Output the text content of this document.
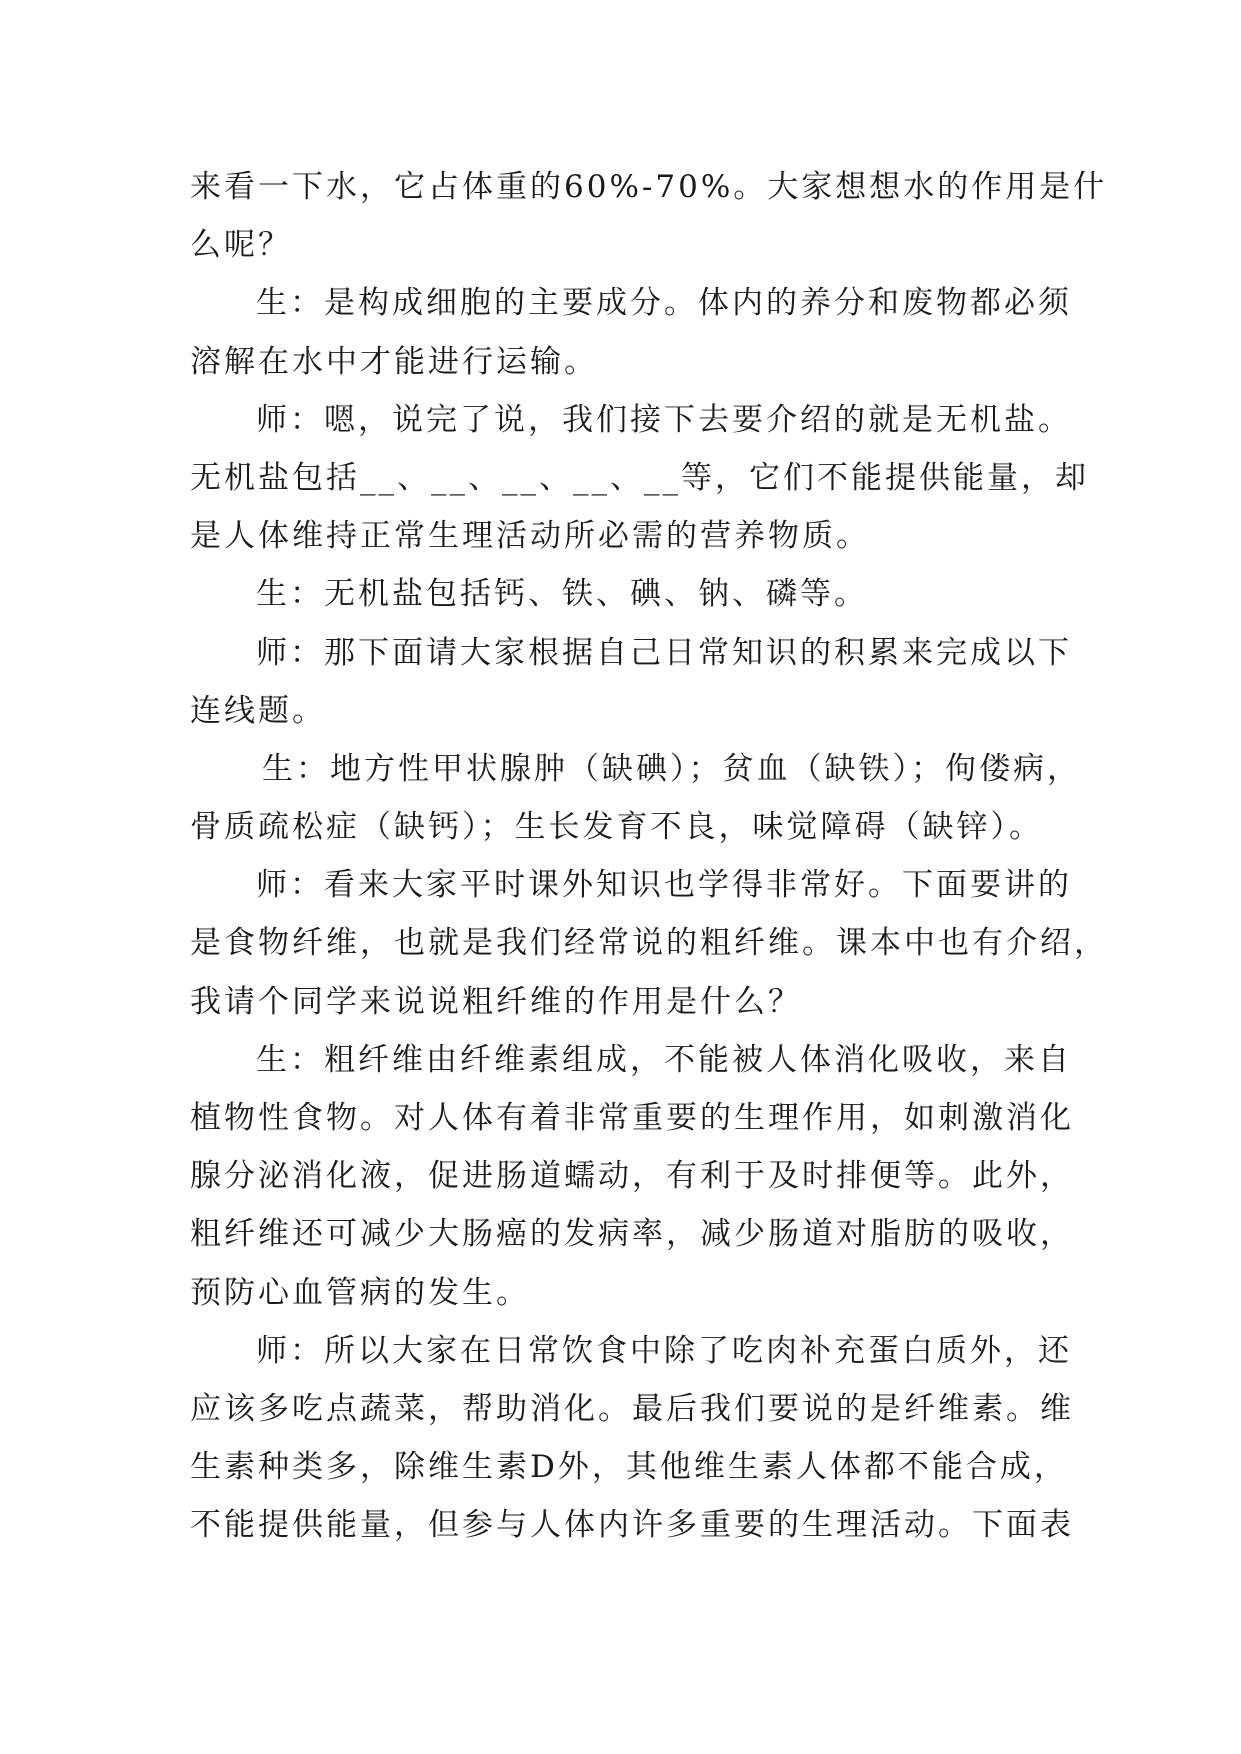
来看一下水，它占体重的60%-70%。大家想想水的作用是什
么呢？
生：是构成细胞的主要成分。体内的养分和废物都必须
溶解在水中才能进行运输。
师：嗯，说完了说，我们接下去要介绍的就是无机盐。
无机盐包括__、__、__、__、__等，它们不能提供能量，却
是人体维持正常生理活动所必需的营养物质。
生：无机盐包括钙、铁、碘、钠、磷等。
师：那下面请大家根据自己日常知识的积累来完成以下
连线题。
生：地方性甲状腺肿（缺碘）；贫血（缺铁）；佝偻病，
骨质疏松症（缺钙）；生长发育不良，味觉障碍（缺锌）。
师：看来大家平时课外知识也学得非常好。下面要讲的
是食物纤维，也就是我们经常说的粗纤维。课本中也有介绍，
我请个同学来说说粗纤维的作用是什么？
生：粗纤维由纤维素组成，不能被人体消化吸收，来自
植物性食物。对人体有着非常重要的生理作用，如刺激消化
腺分泌消化液，促进肠道蠕动，有利于及时排便等。此外，
粗纤维还可减少大肠癌的发病率，减少肠道对脂肪的吸收，
预防心血管病的发生。
师：所以大家在日常饮食中除了吃肉补充蛋白质外，还
应该多吃点蔬菜，帮助消化。最后我们要说的是纤维素。维
生素种类多，除维生素D外，其他维生素人体都不能合成，
不能提供能量，但参与人体内许多重要的生理活动。下面表
